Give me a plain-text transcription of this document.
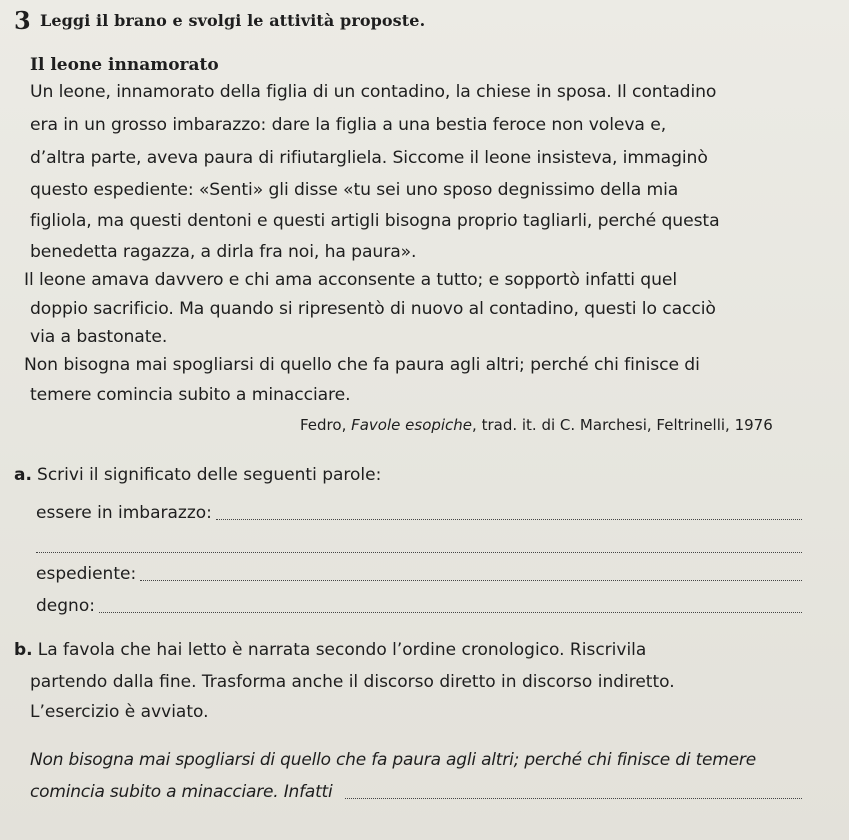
3 Leggi il brano e svolgi le attività proposte.
Il leone innamorato
Un leone, innamorato della figlia di un contadino, la chiese in sposa. Il contadino
era in un grosso imbarazzo: dare la figlia a una bestia feroce non voleva e,
d’altra parte, aveva paura di rifiutargliela. Siccome il leone insisteva, immaginò
questo espediente: «Senti» gli disse «tu sei uno sposo degnissimo della mia
figliola, ma questi dentoni e questi artigli bisogna proprio tagliarli, perché questa
benedetta ragazza, a dirla fra noi, ha paura».
Il leone amava davvero e chi ama acconsente a tutto; e sopportò infatti quel
doppio sacrificio. Ma quando si ripresentò di nuovo al contadino, questi lo cacciò
via a bastonate.
Non bisogna mai spogliarsi di quello che fa paura agli altri; perché chi finisce di
temere comincia subito a minacciare.
Fedro, Favole esopiche, trad. it. di C. Marchesi, Feltrinelli, 1976
a. Scrivi il significato delle seguenti parole:
essere in imbarazzo:
espediente:
degno:
b. La favola che hai letto è narrata secondo l’ordine cronologico. Riscrivila
partendo dalla fine. Trasforma anche il discorso diretto in discorso indiretto.
L’esercizio è avviato.
Non bisogna mai spogliarsi di quello che fa paura agli altri; perché chi finisce di temere
comincia subito a minacciare. Infatti
